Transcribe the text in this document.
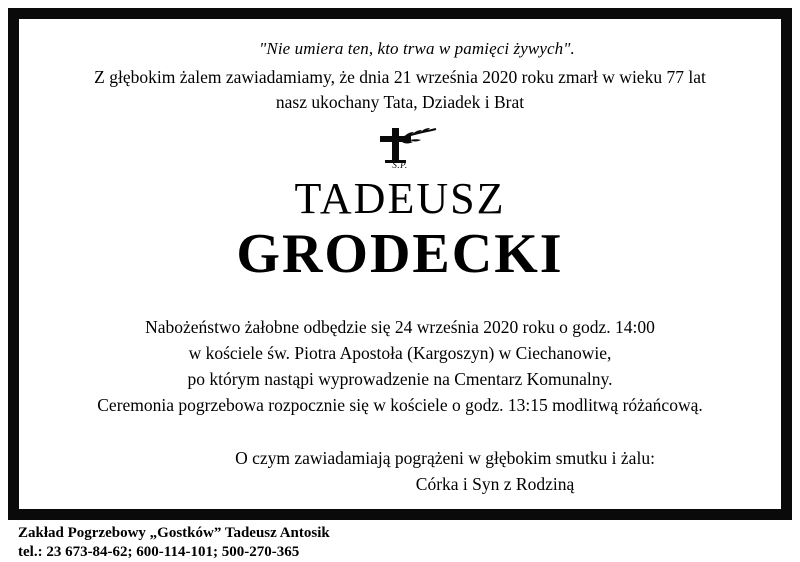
"Nie umiera ten, kto trwa w pamięci żywych".
Z głębokim żalem zawiadamiamy, że dnia 21 września 2020 roku zmarł w wieku 77 lat
nasz ukochany Tata, Dziadek i Brat
Ś.P.
TADEUSZ
GRODECKI
Nabożeństwo żałobne odbędzie się 24 września 2020 roku o godz. 14:00
w kościele św. Piotra Apostoła (Kargoszyn) w Ciechanowie,
po którym nastąpi wyprowadzenie na Cmentarz Komunalny.
Ceremonia pogrzebowa rozpocznie się w kościele o godz. 13:15 modlitwą różańcową.
O czym zawiadamiają pogrążeni w głębokim smutku i żalu:
Córka i Syn z Rodziną
Zakład Pogrzebowy „Gostków” Tadeusz Antosik
tel.: 23 673-84-62; 600-114-101; 500-270-365
